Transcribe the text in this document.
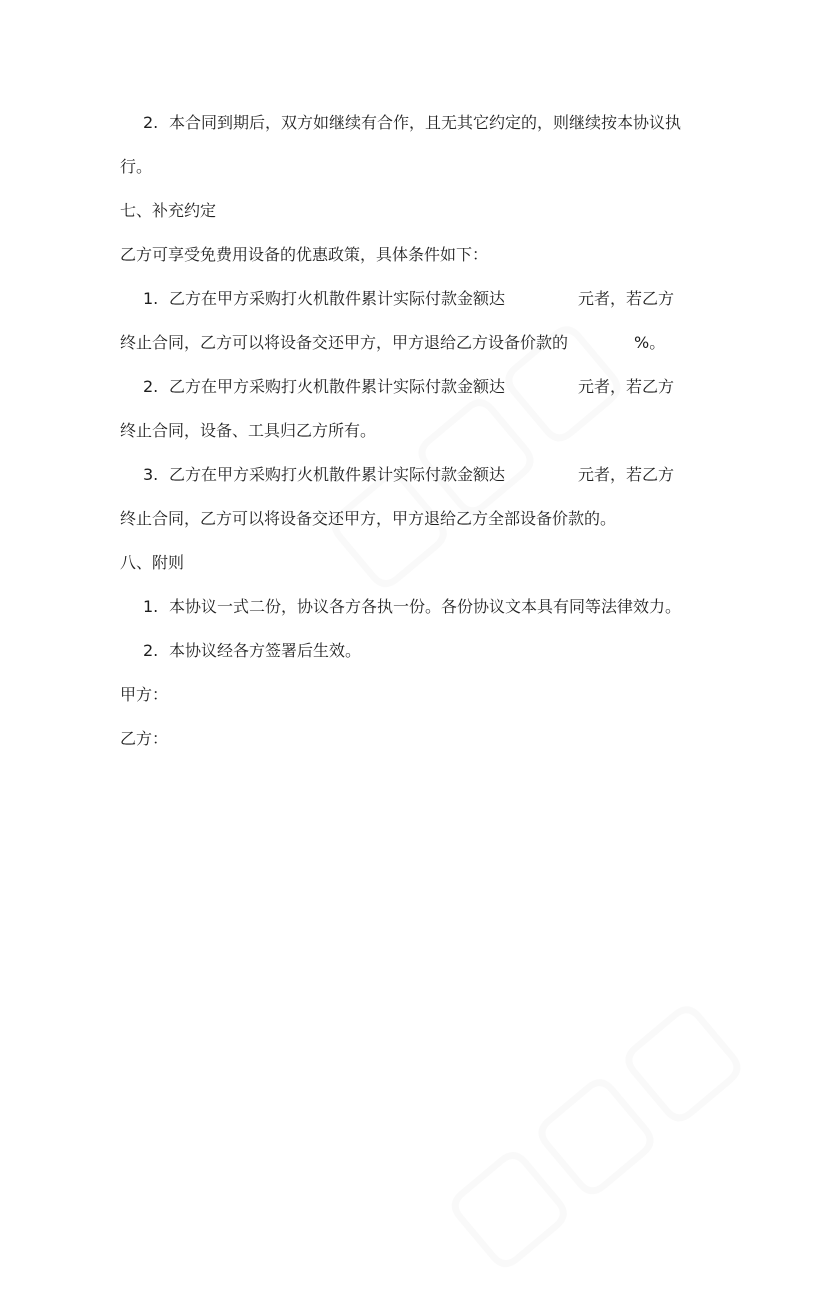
2. 本合同到期后，双方如继续有合作，且无其它约定的，则继续按本协议执
行。
七、补充约定
乙方可享受免费用设备的优惠政策，具体条件如下：
1. 乙方在甲方采购打火机散件累计实际付款金额达	元者，若乙方
终止合同，乙方可以将设备交还甲方，甲方退给乙方设备价款的	%。
2. 乙方在甲方采购打火机散件累计实际付款金额达	元者，若乙方
终止合同，设备、工具归乙方所有。
3. 乙方在甲方采购打火机散件累计实际付款金额达	元者，若乙方
终止合同，乙方可以将设备交还甲方，甲方退给乙方全部设备价款的。
八、附则
1. 本协议一式二份，协议各方各执一份。各份协议文本具有同等法律效力。
2. 本协议经各方签署后生效。
甲方：
乙方：
